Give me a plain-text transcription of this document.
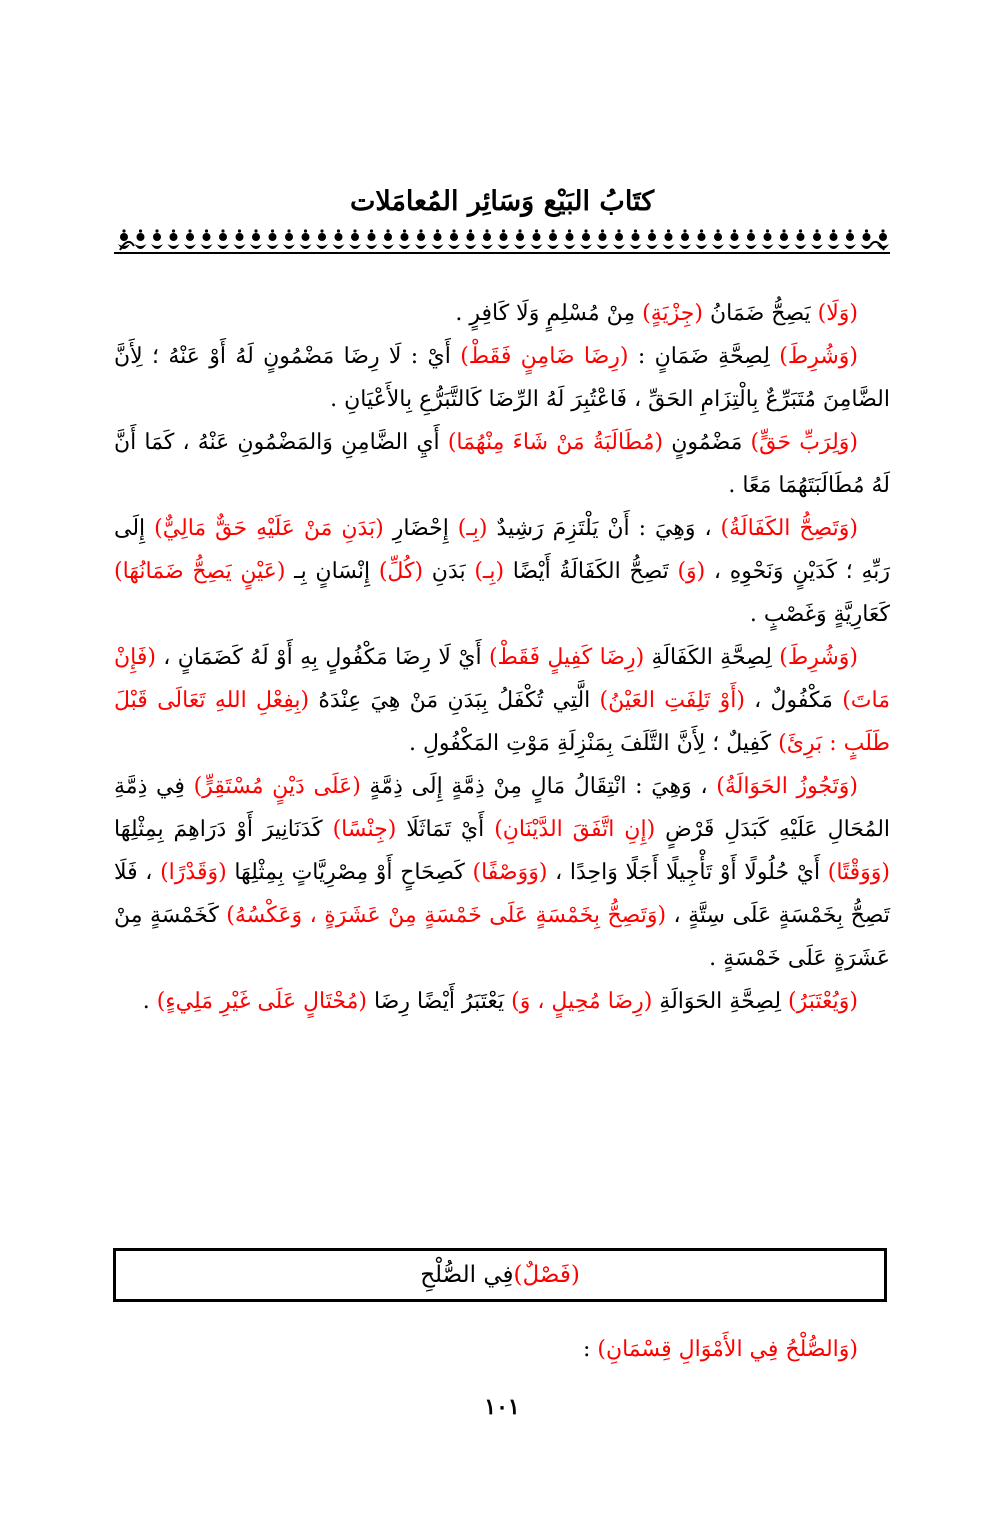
كتَابُ البَيْع وَسَائِر المُعامَلات

(وَلَا) يَصِحُّ ضَمَانُ (جِزْيَةٍ) مِنْ مُسْلِمٍ وَلَا كَافِرٍ .

(وَشُرِطَ) لِصِحَّةِ ضَمَانٍ : (رِضَا ضَامِنٍ فَقَطْ) أَيْ : لَا رِضَا مَضْمُونٍ لَهُ أَوْ عَنْهُ ؛ لِأَنَّ الضَّامِنَ مُتَبَرِّعٌ بِالْتِزَامِ الحَقِّ ، فَاعْتُبِرَ لَهُ الرِّضَا كَالتَّبَرُّعِ بِالأَعْيَانِ .

(وَلِرَبِّ حَقٍّ) مَضْمُونٍ (مُطَالَبَةُ مَنْ شَاءَ مِنْهُمَا) أَيِ الضَّامِنِ وَالمَضْمُونِ عَنْهُ ، كَمَا أَنَّ لَهُ مُطَالَبَتَهُمَا مَعًا .

(وَتَصِحُّ الكَفَالَةُ) ، وَهِيَ : أَنْ يَلْتَزِمَ رَشِيدٌ (بِـ) إِحْضَارِ (بَدَنِ مَنْ عَلَيْهِ حَقٌّ مَالِيٌّ) إِلَى رَبِّهِ ؛ كَدَيْنٍ وَنَحْوِهِ ، (وَ) تَصِحُّ الكَفَالَةُ أَيْضًا (بِـ) بَدَنِ (كُلِّ) إِنْسَانٍ بِـ (عَيْنٍ يَصِحُّ ضَمَانُهَا) كَعَارِيَّةٍ وَغَصْبٍ .

(وَشُرِطَ) لِصِحَّةِ الكَفَالَةِ (رِضَا كَفِيلٍ فَقَطْ) أَيْ لَا رِضَا مَكْفُولٍ بِهِ أَوْ لَهُ كَضَمَانٍ ، (فَإِنْ مَاتَ) مَكْفُولٌ ، (أَوْ تَلِفَتِ العَيْنُ) الَّتِي تُكْفَلُ بِبَدَنِ مَنْ هِيَ عِنْدَهُ (بِفِعْلِ اللهِ تَعَالَى قَبْلَ طَلَبٍ : بَرِئَ) كَفِيلٌ ؛ لِأَنَّ التَّلَفَ بِمَنْزِلَةِ مَوْتِ المَكْفُولِ .

(وَتَجُوزُ الحَوَالَةُ) ، وَهِيَ : انْتِقَالُ مَالٍ مِنْ ذِمَّةٍ إِلَى ذِمَّةٍ (عَلَى دَيْنٍ مُسْتَقِرٍّ) فِي ذِمَّةِ المُحَالِ عَلَيْهِ كَبَدَلِ قَرْضٍ (إِنِ اتَّفَقَ الدَّيْنَانِ) أَيْ تَمَاثَلَا (جِنْسًا) كَدَنَانِيرَ أَوْ دَرَاهِمَ بِمِثْلِهَا (وَوَقْتًا) أَيْ حُلُولًا أَوْ تَأْجِيلًا أَجَلًا وَاحِدًا ، (وَوَصْفًا) كَصِحَاحٍ أَوْ مِصْرِيَّاتٍ بِمِثْلِهَا (وَقَدْرًا) ، فَلَا تَصِحُّ بِخَمْسَةٍ عَلَى سِتَّةٍ ، (وَتَصِحُّ بِخَمْسَةٍ عَلَى خَمْسَةٍ مِنْ عَشَرَةٍ ، وَعَكْسُهُ) كَخَمْسَةٍ مِنْ عَشَرَةٍ عَلَى خَمْسَةٍ .

(وَيُعْتَبَرُ) لِصِحَّةِ الحَوَالَةِ (رِضَا مُحِيلٍ ، وَ) يَعْتَبَرُ أَيْضًا رِضَا (مُحْتَالٍ عَلَى غَيْرِ مَلِيءٍ) .

(فَصْلٌ)
فِي الصُّلْحِ
(وَالصُّلْحُ فِي الأَمْوَالِ قِسْمَانِ) :
١٠١
